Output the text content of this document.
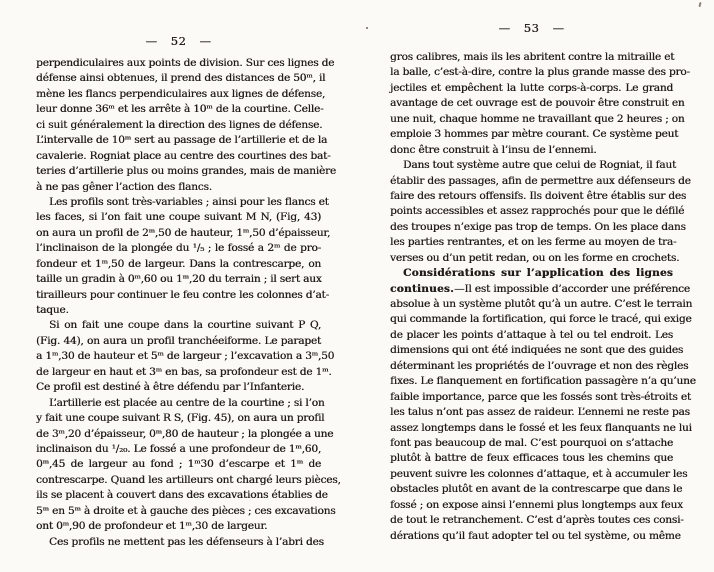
— 52 —
perpendiculaires aux points de division. Sur ces lignes de
défense ainsi obtenues, il prend des distances de 50ᵐ, il
mène les flancs perpendiculaires aux lignes de défense,
leur donne 36ᵐ et les arrête à 10ᵐ de la courtine. Celle-
ci suit généralement la direction des lignes de défense.
L’intervalle de 10ᵐ sert au passage de l’artillerie et de la
cavalerie. Rogniat place au centre des courtines des bat-
teries d’artillerie plus ou moins grandes, mais de manière
à ne pas gêner l’action des flancs.
Les profils sont très-variables ; ainsi pour les flancs et
les faces, si l’on fait une coupe suivant M N, (Fig, 43)
on aura un profil de 2ᵐ,50 de hauteur, 1ᵐ,50 d’épaisseur,
l’inclinaison de la plongée du ¹/₅ ; le fossé a 2ᵐ de pro-
fondeur et 1ᵐ,50 de largeur. Dans la contrescarpe, on
taille un gradin à 0ᵐ,60 ou 1ᵐ,20 du terrain ; il sert aux
tirailleurs pour continuer le feu contre les colonnes d’at-
taque.
Si on fait une coupe dans la courtine suivant P Q,
(Fig. 44), on aura un profil tranchéeiforme. Le parapet
a 1ᵐ,30 de hauteur et 5ᵐ de largeur ; l’excavation a 3ᵐ,50
de largeur en haut et 3ᵐ en bas, sa profondeur est de 1ᵐ.
Ce profil est destiné à être défendu par l’Infanterie.
L’artillerie est placée au centre de la courtine ; si l’on
y fait une coupe suivant R S, (Fig. 45), on aura un profil
de 3ᵐ,20 d’épaisseur, 0ᵐ,80 de hauteur ; la plongée a une
inclinaison du ¹/₂₀. Le fossé a une profondeur de 1ᵐ,60,
0ᵐ,45 de largeur au fond ; 1ᵐ30 d’escarpe et 1ᵐ de
contrescarpe. Quand les artilleurs ont chargé leurs pièces,
ils se placent à couvert dans des excavations établies de
5ᵐ en 5ᵐ à droite et à gauche des pièces ; ces excavations
ont 0ᵐ,90 de profondeur et 1ᵐ,30 de largeur.
Ces profils ne mettent pas les défenseurs à l’abri des
— 53 —
gros calibres, mais ils les abritent contre la mitraille et
la balle, c’est-à-dire, contre la plus grande masse des pro-
jectiles et empêchent la lutte corps-à-corps. Le grand
avantage de cet ouvrage est de pouvoir être construit en
une nuit, chaque homme ne travaillant que 2 heures ; on
emploie 3 hommes par mètre courant. Ce système peut
donc être construit à l’insu de l’ennemi.
Dans tout système autre que celui de Rogniat, il faut
établir des passages, afin de permettre aux défenseurs de
faire des retours offensifs. Ils doivent être établis sur des
points accessibles et assez rapprochés pour que le défilé
des troupes n’exige pas trop de temps. On les place dans
les parties rentrantes, et on les ferme au moyen de tra-
verses ou d’un petit redan, ou on les forme en crochets.
Considérations sur l’application des lignes
continues.—Il est impossible d’accorder une préférence
absolue à un système plutôt qu’à un autre. C’est le terrain
qui commande la fortification, qui force le tracé, qui exige
de placer les points d’attaque à tel ou tel endroit. Les
dimensions qui ont été indiquées ne sont que des guides
déterminant les propriétés de l’ouvrage et non des règles
fixes. Le flanquement en fortification passagère n’a qu’une
faible importance, parce que les fossés sont très-étroits et
les talus n’ont pas assez de raideur. L’ennemi ne reste pas
assez longtemps dans le fossé et les feux flanquants ne lui
font pas beaucoup de mal. C’est pourquoi on s’attache
plutôt à battre de feux efficaces tous les chemins que
peuvent suivre les colonnes d’attaque, et à accumuler les
obstacles plutôt en avant de la contrescarpe que dans le
fossé ; on expose ainsi l’ennemi plus longtemps aux feux
de tout le retranchement. C’est d’après toutes ces consi-
dérations qu’il faut adopter tel ou tel système, ou même
